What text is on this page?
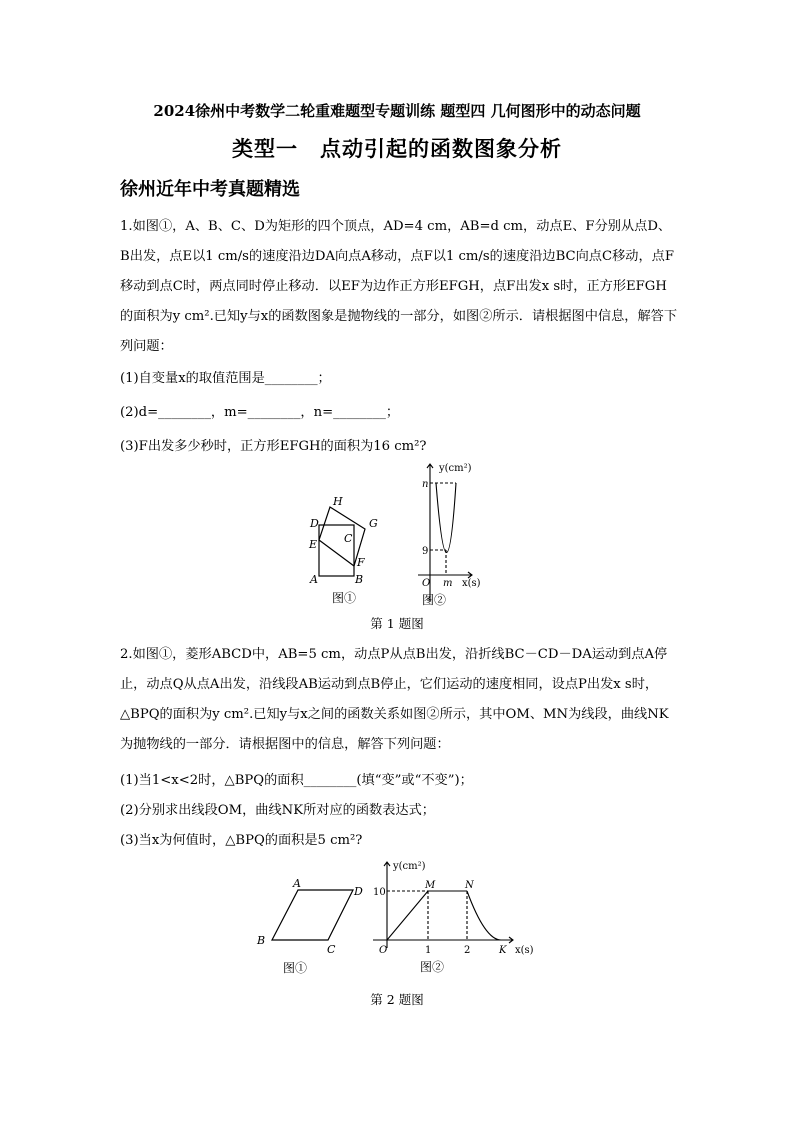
2024徐州中考数学二轮重难题型专题训练 题型四 几何图形中的动态问题
类型一　点动引起的函数图象分析
徐州近年中考真题精选
1.如图①，A、B、C、D为矩形的四个顶点，AD=4 cm，AB=d cm，动点E、F分别从点D、B出发，点E以1 cm/s的速度沿边DA向点A移动，点F以1 cm/s的速度沿边BC向点C移动，点F移动到点C时，两点同时停止移动．以EF为边作正方形EFGH，点F出发x s时，正方形EFGH的面积为y cm².已知y与x的函数图象是抛物线的一部分，如图②所示．请根据图中信息，解答下列问题：
(1)自变量x的取值范围是________；
(2)d=________，m=________，n=________；
(3)F出发多少秒时，正方形EFGH的面积为16 cm²?
H
D	G
C
E
F
A	B
图①
y(cm²)
n
9
O m x(s)
图②
第 1 题图
2.如图①，菱形ABCD中，AB=5 cm，动点P从点B出发，沿折线BC－CD－DA运动到点A停止，动点Q从点A出发，沿线段AB运动到点B停止，它们运动的速度相同，设点P出发x s时，△BPQ的面积为y cm².已知y与x之间的函数关系如图②所示，其中OM、MN为线段，曲线NK为抛物线的一部分．请根据图中的信息，解答下列问题：
(1)当1<x<2时，△BPQ的面积________(填“变”或“不变”)；
(2)分别求出线段OM，曲线NK所对应的函数表达式；
(3)当x为何值时，△BPQ的面积是5 cm²?
A
D
B
C
图①
y(cm²)
10
M	N
O	1	2	K x(s)
图②
第 2 题图
